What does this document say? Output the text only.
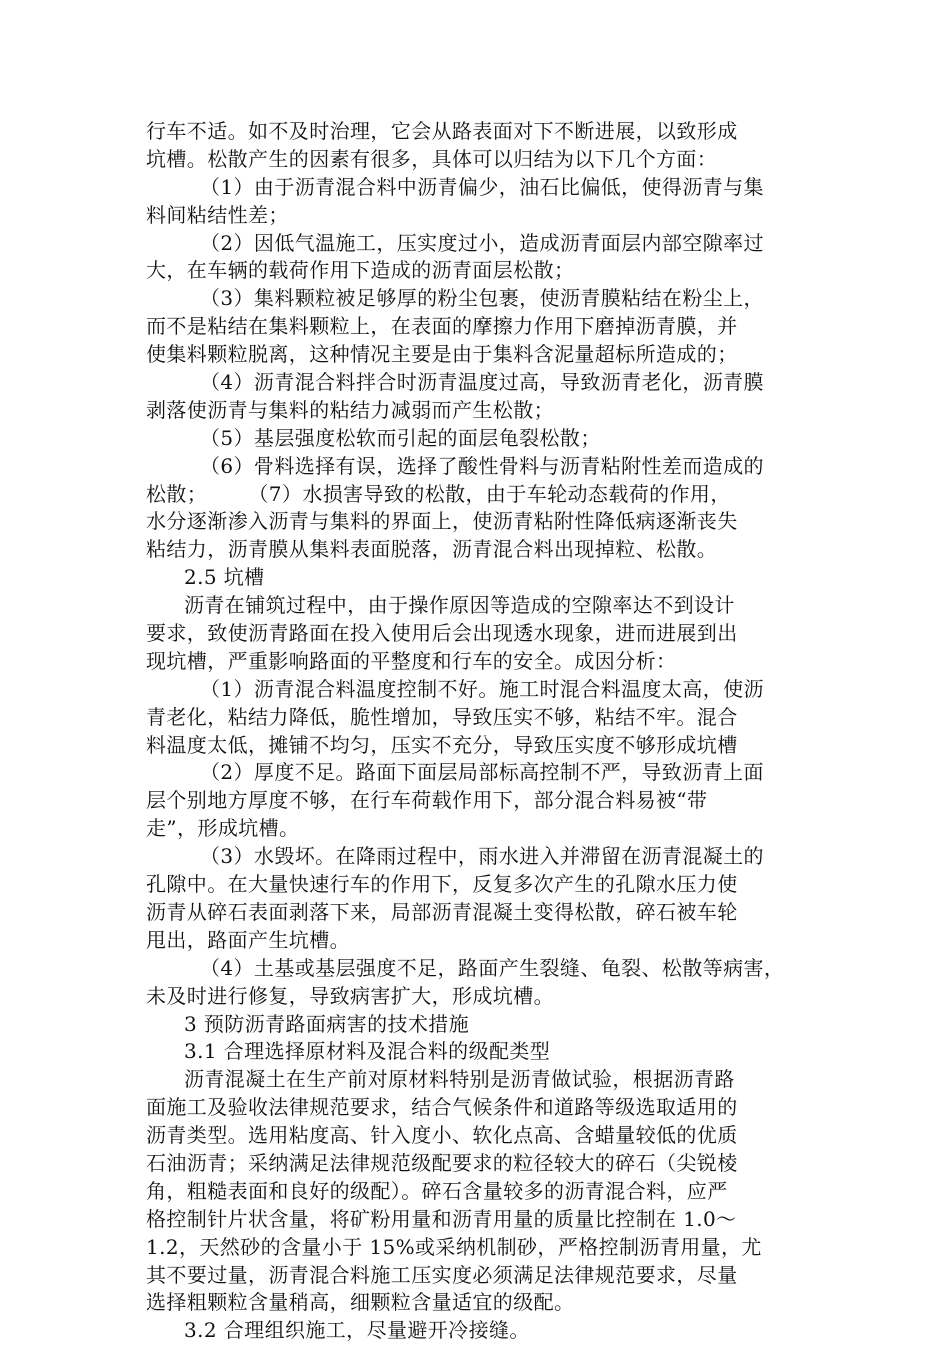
行车不适。如不及时治理，它会从路表面对下不断进展，以致形成
坑槽。松散产生的因素有很多，具体可以归结为以下几个方面：
（1）由于沥青混合料中沥青偏少，油石比偏低，使得沥青与集
料间粘结性差；
（2）因低气温施工，压实度过小，造成沥青面层内部空隙率过
大，在车辆的载荷作用下造成的沥青面层松散；
（3）集料颗粒被足够厚的粉尘包裹，使沥青膜粘结在粉尘上，
而不是粘结在集料颗粒上，在表面的摩擦力作用下磨掉沥青膜，并
使集料颗粒脱离，这种情况主要是由于集料含泥量超标所造成的；
（4）沥青混合料拌合时沥青温度过高，导致沥青老化，沥青膜
剥落使沥青与集料的粘结力减弱而产生松散；
（5）基层强度松软而引起的面层龟裂松散；
（6）骨料选择有误，选择了酸性骨料与沥青粘附性差而造成的
松散；　　　（7）水损害导致的松散，由于车轮动态载荷的作用，
水分逐渐渗入沥青与集料的界面上，使沥青粘附性降低病逐渐丧失
粘结力，沥青膜从集料表面脱落，沥青混合料出现掉粒、松散。
2.5 坑槽
沥青在铺筑过程中，由于操作原因等造成的空隙率达不到设计
要求，致使沥青路面在投入使用后会出现透水现象，进而进展到出
现坑槽，严重影响路面的平整度和行车的安全。成因分析：
（1）沥青混合料温度控制不好。施工时混合料温度太高，使沥
青老化，粘结力降低，脆性增加，导致压实不够，粘结不牢。混合
料温度太低，摊铺不均匀，压实不充分，导致压实度不够形成坑槽
（2）厚度不足。路面下面层局部标高控制不严，导致沥青上面
层个别地方厚度不够，在行车荷载作用下，部分混合料易被“带
走”，形成坑槽。
（3）水毁坏。在降雨过程中，雨水进入并滞留在沥青混凝土的
孔隙中。在大量快速行车的作用下，反复多次产生的孔隙水压力使
沥青从碎石表面剥落下来，局部沥青混凝土变得松散，碎石被车轮
甩出，路面产生坑槽。
（4）土基或基层强度不足，路面产生裂缝、龟裂、松散等病害，
未及时进行修复，导致病害扩大，形成坑槽。
3 预防沥青路面病害的技术措施
3.1 合理选择原材料及混合料的级配类型
沥青混凝土在生产前对原材料特别是沥青做试验，根据沥青路
面施工及验收法律规范要求，结合气候条件和道路等级选取适用的
沥青类型。选用粘度高、针入度小、软化点高、含蜡量较低的优质
石油沥青；采纳满足法律规范级配要求的粒径较大的碎石（尖锐棱
角，粗糙表面和良好的级配）。碎石含量较多的沥青混合料，应严
格控制针片状含量，将矿粉用量和沥青用量的质量比控制在 1.0～
1.2，天然砂的含量小于 15%或采纳机制砂，严格控制沥青用量，尤
其不要过量，沥青混合料施工压实度必须满足法律规范要求，尽量
选择粗颗粒含量稍高，细颗粒含量适宜的级配。
3.2 合理组织施工，尽量避开冷接缝。
